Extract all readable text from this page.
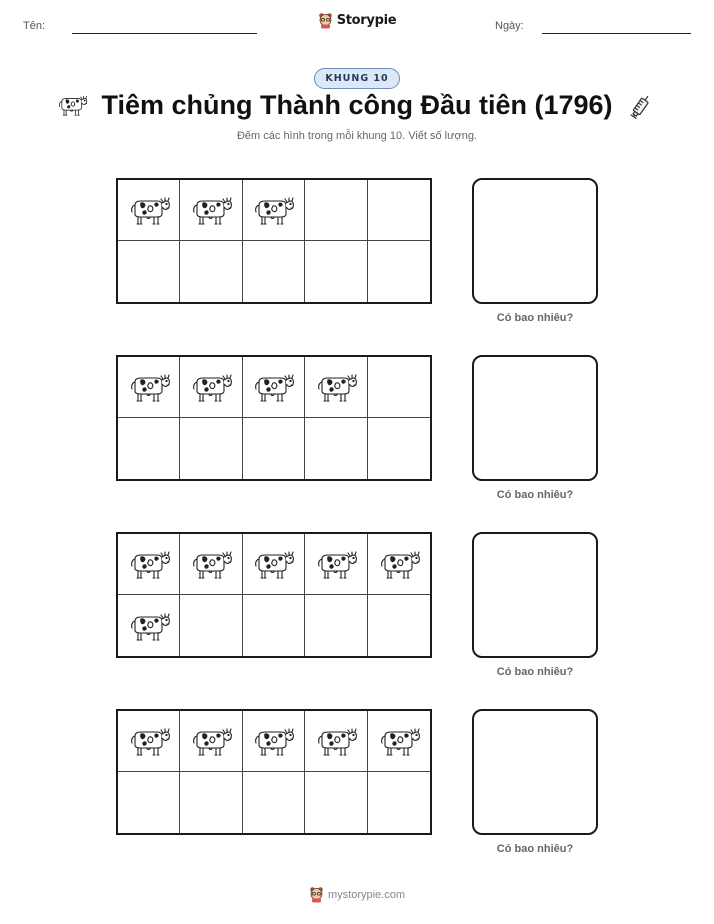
Tên:	Storypie	Ngày:
KHUNG 10
Tiêm chủng Thành công Đầu tiên (1796)
Đếm các hình trong mỗi khung 10. Viết số lượng.
Có bao nhiêu?
Có bao nhiêu?
Có bao nhiêu?
Có bao nhiêu?
mystorypie.com
